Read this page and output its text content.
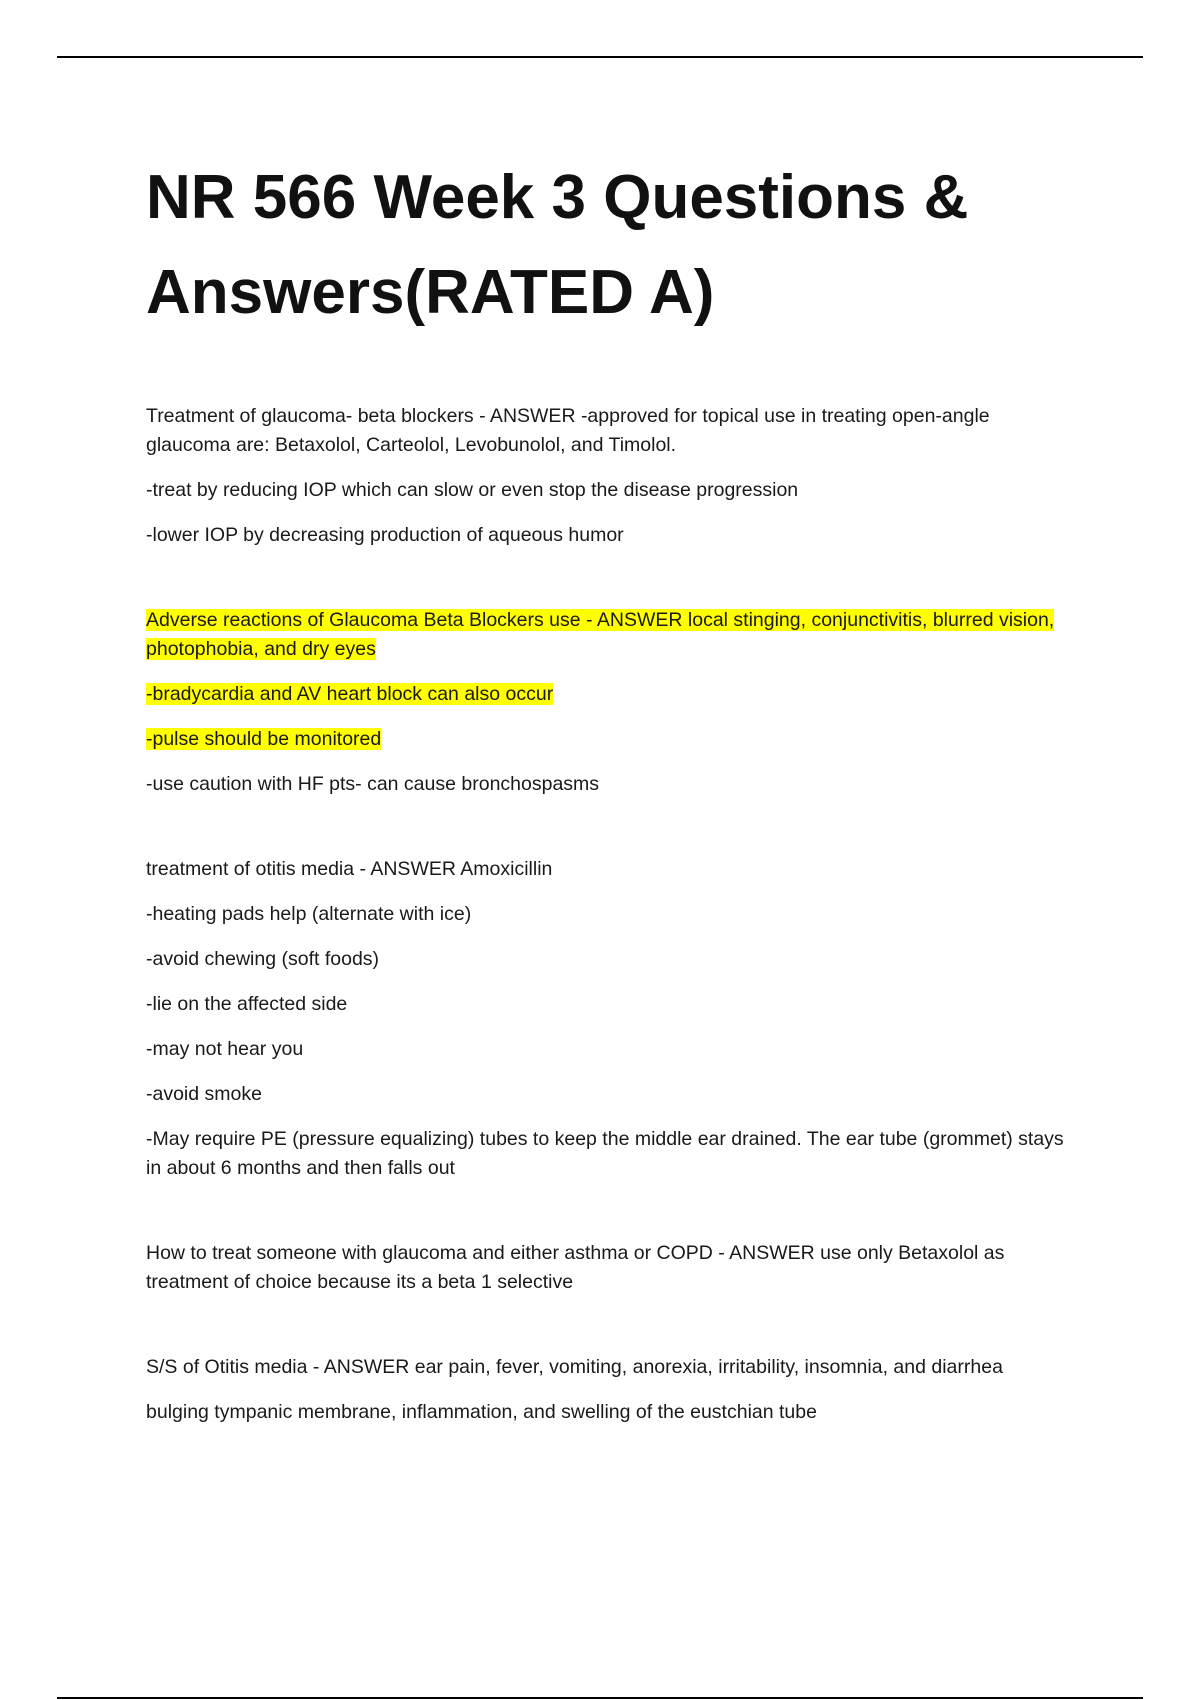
NR 566 Week 3 Questions & Answers(RATED A)

Treatment of glaucoma- beta blockers - ANSWER -approved for topical use in treating open-angle glaucoma are: Betaxolol, Carteolol, Levobunolol, and Timolol.

-treat by reducing IOP which can slow or even stop the disease progression

-lower IOP by decreasing production of aqueous humor

Adverse reactions of Glaucoma Beta Blockers use - ANSWER local stinging, conjunctivitis, blurred vision, photophobia, and dry eyes

-bradycardia and AV heart block can also occur

-pulse should be monitored

-use caution with HF pts- can cause bronchospasms

treatment of otitis media - ANSWER Amoxicillin

-heating pads help (alternate with ice)

-avoid chewing (soft foods)

-lie on the affected side

-may not hear you

-avoid smoke

-May require PE (pressure equalizing) tubes to keep the middle ear drained. The ear tube (grommet) stays in about 6 months and then falls out

How to treat someone with glaucoma and either asthma or COPD - ANSWER use only Betaxolol as treatment of choice because its a beta 1 selective

S/S of Otitis media - ANSWER ear pain, fever, vomiting, anorexia, irritability, insomnia, and diarrhea

bulging tympanic membrane, inflammation, and swelling of the eustchian tube
